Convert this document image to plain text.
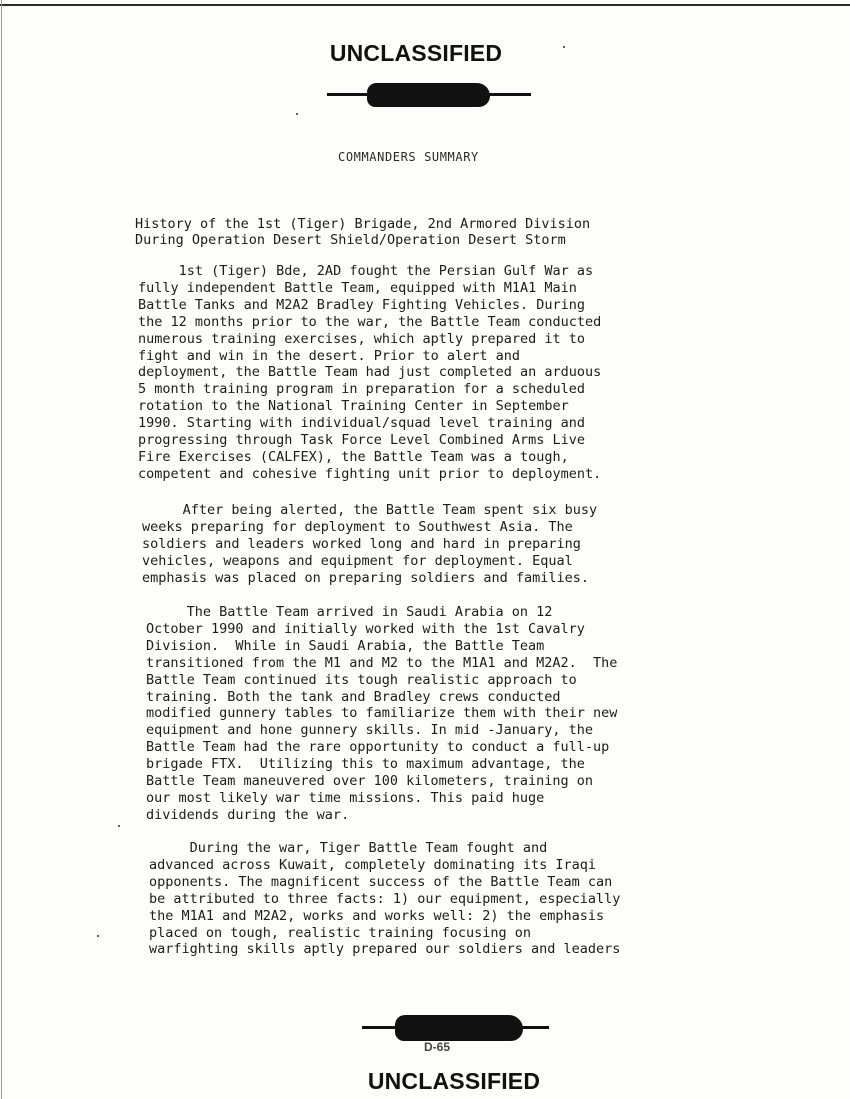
UNCLASSIFIED
COMMANDERS SUMMARY
History of the 1st (Tiger) Brigade, 2nd Armored Division
During Operation Desert Shield/Operation Desert Storm
1st (Tiger) Bde, 2AD fought the Persian Gulf War as
fully independent Battle Team, equipped with M1A1 Main
Battle Tanks and M2A2 Bradley Fighting Vehicles. During
the 12 months prior to the war, the Battle Team conducted
numerous training exercises, which aptly prepared it to
fight and win in the desert. Prior to alert and
deployment, the Battle Team had just completed an arduous
5 month training program in preparation for a scheduled
rotation to the National Training Center in September
1990. Starting with individual/squad level training and
progressing through Task Force Level Combined Arms Live
Fire Exercises (CALFEX), the Battle Team was a tough,
competent and cohesive fighting unit prior to deployment.
After being alerted, the Battle Team spent six busy
weeks preparing for deployment to Southwest Asia. The
soldiers and leaders worked long and hard in preparing
vehicles, weapons and equipment for deployment. Equal
emphasis was placed on preparing soldiers and families.
The Battle Team arrived in Saudi Arabia on 12
October 1990 and initially worked with the 1st Cavalry
Division.  While in Saudi Arabia, the Battle Team
transitioned from the M1 and M2 to the M1A1 and M2A2.  The
Battle Team continued its tough realistic approach to
training. Both the tank and Bradley crews conducted
modified gunnery tables to familiarize them with their new
equipment and hone gunnery skills. In mid -January, the
Battle Team had the rare opportunity to conduct a full-up
brigade FTX.  Utilizing this to maximum advantage, the
Battle Team maneuvered over 100 kilometers, training on
our most likely war time missions. This paid huge
dividends during the war.
During the war, Tiger Battle Team fought and
advanced across Kuwait, completely dominating its Iraqi
opponents. The magnificent success of the Battle Team can
be attributed to three facts: 1) our equipment, especially
the M1A1 and M2A2, works and works well: 2) the emphasis
placed on tough, realistic training focusing on
warfighting skills aptly prepared our soldiers and leaders
D-65
UNCLASSIFIED
